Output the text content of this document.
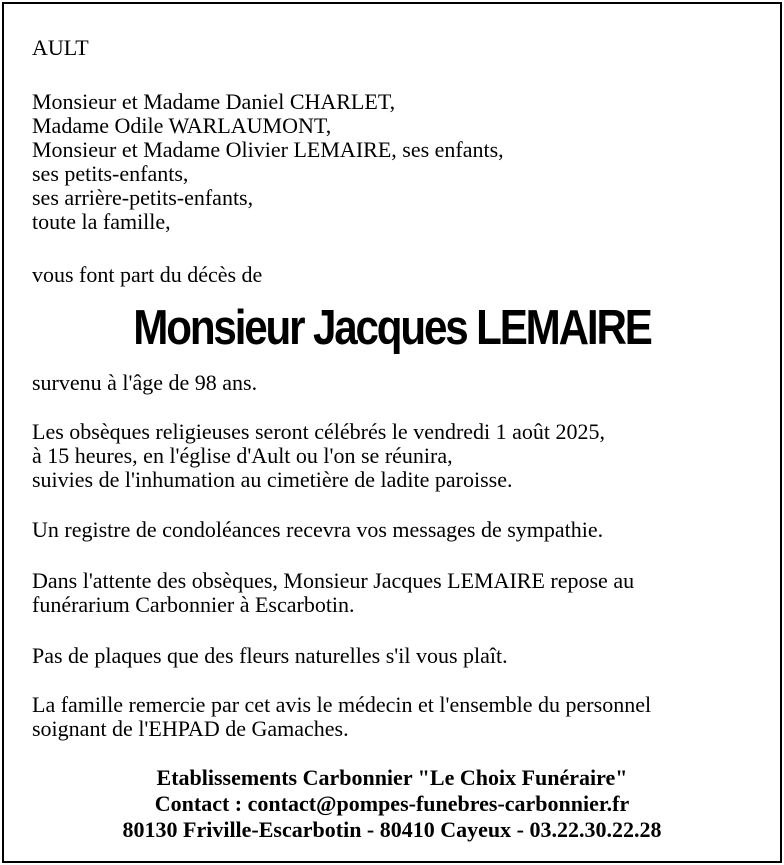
AULT
Monsieur et Madame Daniel CHARLET,
Madame Odile WARLAUMONT,
Monsieur et Madame Olivier LEMAIRE, ses enfants,
ses petits-enfants,
ses arrière-petits-enfants,
toute la famille,
vous font part du décès de
Monsieur Jacques LEMAIRE
survenu à l'âge de 98 ans.
Les obsèques religieuses seront célébrés le vendredi 1 août 2025,
à 15 heures, en l'église d'Ault ou l'on se réunira,
suivies de l'inhumation au cimetière de ladite paroisse.
Un registre de condoléances recevra vos messages de sympathie.
Dans l'attente des obsèques, Monsieur Jacques LEMAIRE repose au
funérarium Carbonnier à Escarbotin.
Pas de plaques que des fleurs naturelles s'il vous plaît.
La famille remercie par cet avis le médecin et l'ensemble du personnel
soignant de l'EHPAD de Gamaches.
Etablissements Carbonnier "Le Choix Funéraire"
Contact : contact@pompes-funebres-carbonnier.fr
80130 Friville-Escarbotin - 80410 Cayeux - 03.22.30.22.28
